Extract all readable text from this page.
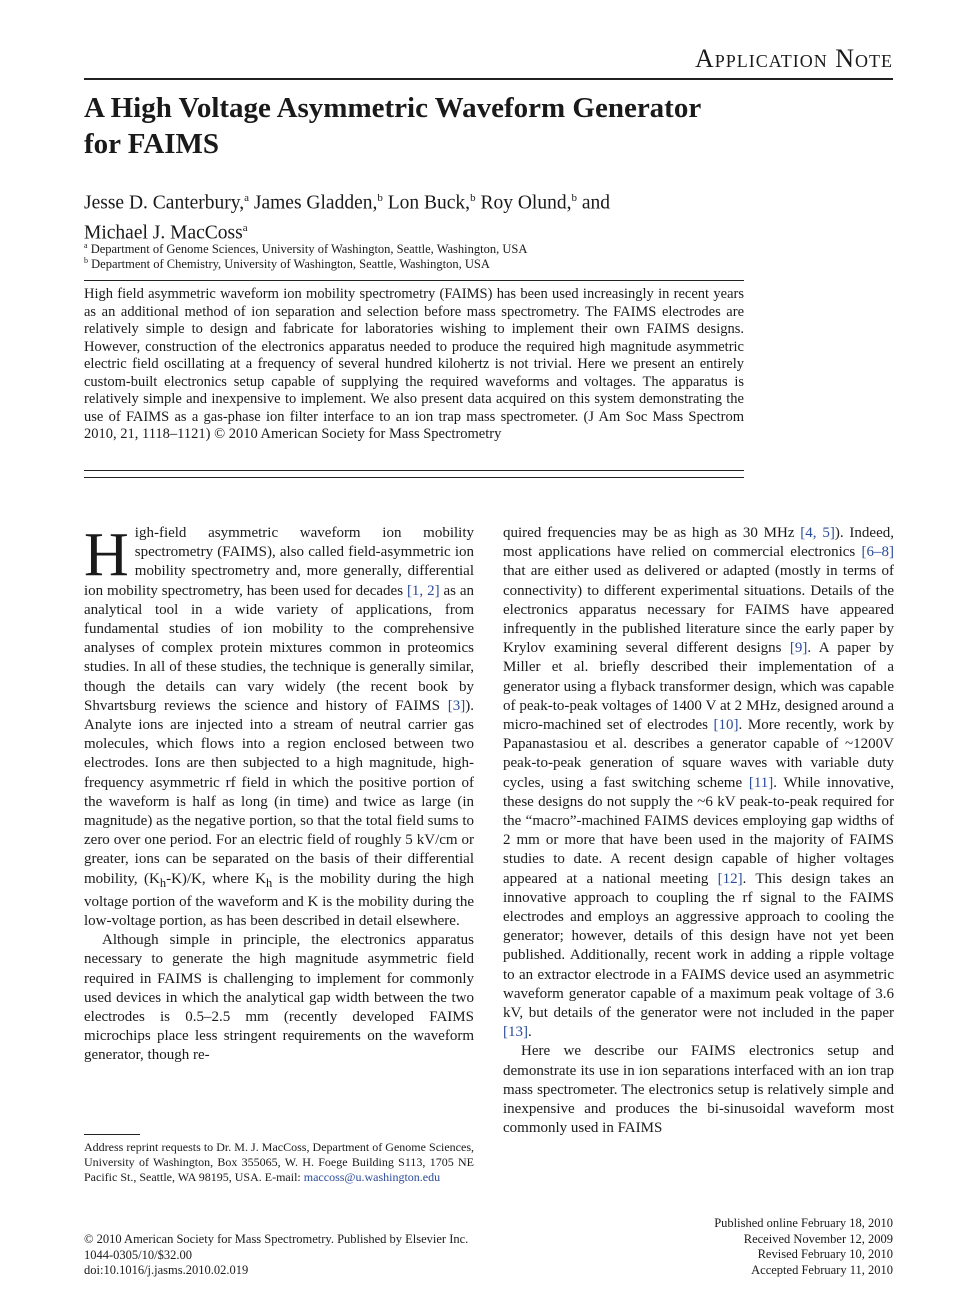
Application Note
A High Voltage Asymmetric Waveform Generator for FAIMS
Jesse D. Canterbury,$^a$ James Gladden,$^b$ Lon Buck,$^b$ Roy Olund,$^b$ and
Michael J. MacCoss$^a$
$^a$ Department of Genome Sciences, University of Washington, Seattle, Washington, USA
$^b$ Department of Chemistry, University of Washington, Seattle, Washington, USA
High field asymmetric waveform ion mobility spectrometry (FAIMS) has been used increasingly in recent years as an additional method of ion separation and selection before mass spectrometry. The FAIMS electrodes are relatively simple to design and fabricate for laboratories wishing to implement their own FAIMS designs. However, construction of the electronics apparatus needed to produce the required high magnitude asymmetric electric field oscillating at a frequency of several hundred kilohertz is not trivial. Here we present an entirely custom-built electronics setup capable of supplying the required waveforms and voltages. The apparatus is relatively simple and inexpensive to implement. We also present data acquired on this system demonstrating the use of FAIMS as a gas-phase ion filter interface to an ion trap mass spectrometer. (J Am Soc Mass Spectrom 2010, 21, 1118–1121) © 2010 American Society for Mass Spectrometry

High-field asymmetric waveform ion mobility spectrometry (FAIMS), also called field-asymmetric ion mobility spectrometry and, more generally, differential ion mobility spectrometry, has been used for decades [1, 2] as an analytical tool in a wide variety of applications, from fundamental studies of ion mobility to the comprehensive analyses of complex protein mixtures common in proteomics studies. In all of these studies, the technique is generally similar, though the details can vary widely (the recent book by Shvartsburg reviews the science and history of FAIMS [3]). Analyte ions are injected into a stream of neutral carrier gas molecules, which flows into a region enclosed between two electrodes. Ions are then subjected to a high magnitude, high-frequency asymmetric rf field in which the positive portion of the waveform is half as long (in time) and twice as large (in magnitude) as the negative portion, so that the total field sums to zero over one period. For an electric field of roughly 5 kV/cm or greater, ions can be separated on the basis of their differential mobility, $(K_h-K)/K$, where $K_h$ is the mobility during the high voltage portion of the waveform and K is the mobility during the low-voltage portion, as has been described in detail elsewhere.

Although simple in principle, the electronics apparatus necessary to generate the high magnitude asymmetric field required in FAIMS is challenging to implement for commonly used devices in which the analytical gap width between the two electrodes is 0.5–2.5 mm (recently developed FAIMS microchips place less stringent requirements on the waveform generator, though re-

quired frequencies may be as high as 30 MHz [4, 5]). Indeed, most applications have relied on commercial electronics [6–8] that are either used as delivered or adapted (mostly in terms of connectivity) to different experimental situations. Details of the electronics apparatus necessary for FAIMS have appeared infrequently in the published literature since the early paper by Krylov examining several different designs [9]. A paper by Miller et al. briefly described their implementation of a generator using a flyback transformer design, which was capable of peak-to-peak voltages of 1400 V at 2 MHz, designed around a micro-machined set of electrodes [10]. More recently, work by Papanastasiou et al. describes a generator capable of ~1200V peak-to-peak generation of square waves with variable duty cycles, using a fast switching scheme [11]. While innovative, these designs do not supply the ~6 kV peak-to-peak required for the “macro”-machined FAIMS devices employing gap widths of 2 mm or more that have been used in the majority of FAIMS studies to date. A recent design capable of higher voltages appeared at a national meeting [12]. This design takes an innovative approach to coupling the rf signal to the FAIMS electrodes and employs an aggressive approach to cooling the generator; however, details of this design have not yet been published. Additionally, recent work in adding a ripple voltage to an extractor electrode in a FAIMS device used an asymmetric waveform generator capable of a maximum peak voltage of 3.6 kV, but details of the generator were not included in the paper [13].

Here we describe our FAIMS electronics setup and demonstrate its use in ion separations interfaced with an ion trap mass spectrometer. The electronics setup is relatively simple and inexpensive and produces the bi-sinusoidal waveform most commonly used in FAIMS

Address reprint requests to Dr. M. J. MacCoss, Department of Genome Sciences, University of Washington, Box 355065, W. H. Foege Building S113, 1705 NE Pacific St., Seattle, WA 98195, USA. E-mail: maccoss@u.washington.edu
© 2010 American Society for Mass Spectrometry. Published by Elsevier Inc.
1044-0305/10/$32.00
doi:10.1016/j.jasms.2010.02.019
Published online February 18, 2010
Received November 12, 2009
Revised February 10, 2010
Accepted February 11, 2010
